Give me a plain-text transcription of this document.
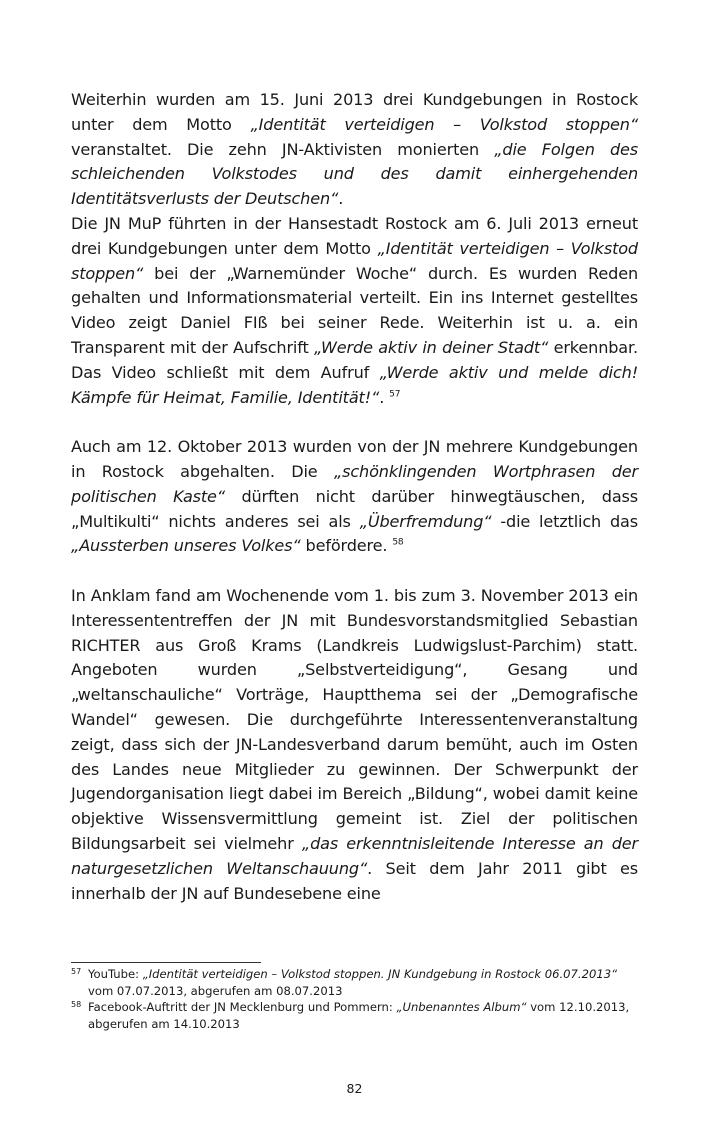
Weiterhin wurden am 15. Juni 2013 drei Kundgebungen in Rostock unter dem Motto „Identität verteidigen – Volkstod stoppen“ veranstaltet. Die zehn JN-Aktivisten monierten „die Folgen des schleichenden Volkstodes und des damit einhergehenden Identitätsverlusts der Deutschen“.

Die JN MuP führten in der Hansestadt Rostock am 6. Juli 2013 erneut drei Kundgebungen unter dem Motto „Identität verteidigen – Volkstod stoppen“ bei der „Warnemünder Woche“ durch. Es wurden Reden gehalten und Informationsmaterial verteilt. Ein ins Internet gestelltes Video zeigt Daniel FIß bei seiner Rede. Weiterhin ist u. a. ein Transparent mit der Aufschrift „Werde aktiv in deiner Stadt“ erkennbar. Das Video schließt mit dem Aufruf „Werde aktiv und melde dich! Kämpfe für Heimat, Familie, Identität!“. $^{57}$

Auch am 12. Oktober 2013 wurden von der JN mehrere Kundgebungen in Rostock abgehalten. Die „schönklingenden Wortphrasen der politischen Kaste“ dürften nicht darüber hinwegtäuschen, dass „Multikulti“ nichts anderes sei als „Überfremdung“ -die letztlich das „Aussterben unseres Volkes“ befördere. $^{58}$

In Anklam fand am Wochenende vom 1. bis zum 3. November 2013 ein Interessententreffen der JN mit Bundesvorstandsmitglied Sebastian RICHTER aus Groß Krams (Landkreis Ludwigslust-Parchim) statt. Angeboten wurden „Selbstverteidigung“, Gesang und „weltanschauliche“ Vorträge, Hauptthema sei der „Demografische Wandel“ gewesen. Die durchgeführte Interessentenveranstaltung zeigt, dass sich der JN-Landesverband darum bemüht, auch im Osten des Landes neue Mitglieder zu gewinnen. Der Schwerpunkt der Jugendorganisation liegt dabei im Bereich „Bildung“, wobei damit keine objektive Wissensvermittlung gemeint ist. Ziel der politischen Bildungsarbeit sei vielmehr „das erkenntnisleitende Interesse an der naturgesetzlichen Weltanschauung“. Seit dem Jahr 2011 gibt es innerhalb der JN auf Bundesebene eine

57 YouTube: „Identität verteidigen – Volkstod stoppen. JN Kundgebung in Rostock 06.07.2013“ vom 07.07.2013, abgerufen am 08.07.2013

58 Facebook-Auftritt der JN Mecklenburg und Pommern: „Unbenanntes Album“ vom 12.10.2013, abgerufen am 14.10.2013

82
